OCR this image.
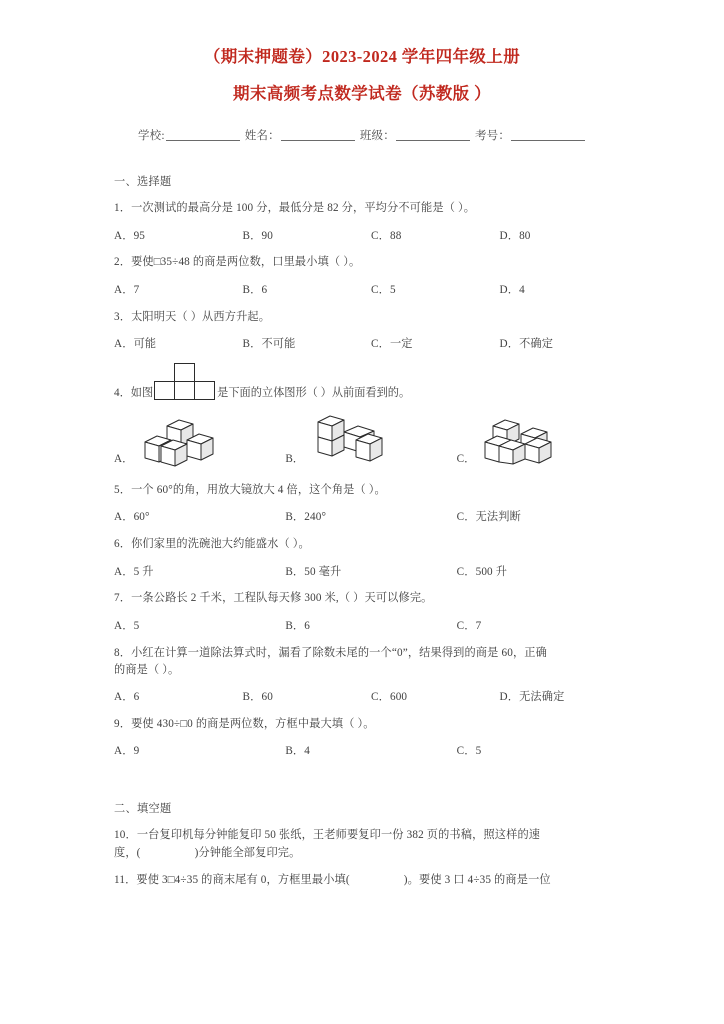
（期末押题卷）2023-2024 学年四年级上册
期末高频考点数学试卷（苏教版 ）
学校:	姓名：	班级：	考号：
一、选择题
1．一次测试的最高分是 100 分，最低分是 82 分，平均分不可能是（ ）。
A．95	B．90	C．88	D．80
2．要使□35÷48 的商是两位数，口里最小填（ ）。
A．7	B．6	C．5	D．4
3．太阳明天（ ）从西方升起。
A．可能	B．不可能	C．一定	D．不确定
4．如图	是下面的立体图形（ ）从前面看到的。
A．	B．	C．
5．一个 60°的角，用放大镜放大 4 倍，这个角是（ ）。
A．60°	B．240°	C．无法判断
6．你们家里的洗碗池大约能盛水（ ）。
A．5 升	B．50 毫升	C．500 升
7．一条公路长 2 千米，工程队每天修 300 米,（ ）天可以修完。
A．5	B．6	C．7
8．小红在计算一道除法算式时，漏看了除数未尾的一个“0”，结果得到的商是 60，正确
的商是（ ）。
A．6	B．60	C．600	D．无法确定
9．要使 430÷□0 的商是两位数，方框中最大填（ ）。
A．9	B．4	C．5
二、填空题
10．一台复印机每分钟能复印 50 张纸，王老师要复印一份 382 页的书稿，照这样的速
度，(	)分钟能全部复印完。
11．要使 3□4÷35 的商末尾有 0，方框里最小填(	)。要使 3 口 4÷35 的商是一位
